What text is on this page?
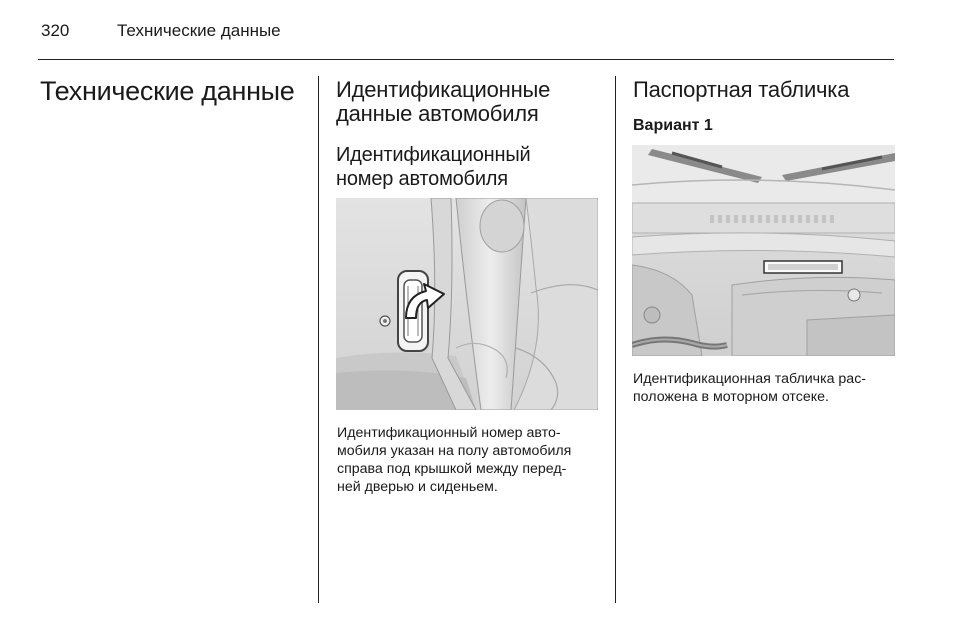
320	Технические данные
Технические данные Идентификационные
данные автомобиля
Идентификационный
номер автомобиля

Идентификационный номер авто-
мобиля указан на полу автомобиля
справа под крышкой между перед-
ней дверью и сиденьем.

Паспортная табличка
Вариант 1

Идентификационная табличка рас-
положена в моторном отсеке.
